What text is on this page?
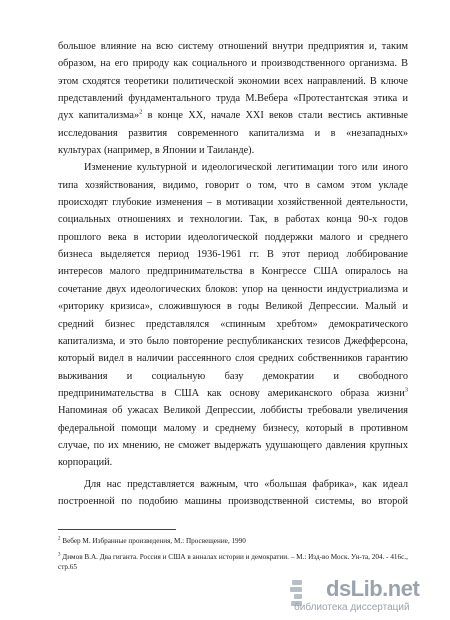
большое влияние на всю систему отношений внутри предприятия и, таким
образом, на его природу как социального и производственного организма. В
этом сходятся теоретики политической экономии всех направлений. В ключе
представлений фундаментального труда М.Вебера «Протестантская этика и
дух капитализма»$^2$ в конце XX, начале XXI веков стали вестись активные
исследования развития современного капитализма и в «незападных»
культурах (например, в Японии и Таиланде).
Изменение культурной и идеологической легитимации того или иного
типа хозяйствования, видимо, говорит о том, что в самом этом укладе
происходят глубокие изменения – в мотивации хозяйственной деятельности,
социальных отношениях и технологии. Так, в работах конца 90-х годов
прошлого века в истории идеологической поддержки малого и среднего
бизнеса выделяется период 1936-1961 гг. В этот период лоббирование
интересов малого предпринимательства в Конгрессе США опиралось на
сочетание двух идеологических блоков: упор на ценности индустриализма и
«риторику кризиса», сложившуюся в годы Великой Депрессии. Малый и
средний бизнес представлялся «спинным хребтом» демократического
капитализма, и это было повторение республиканских тезисов Джефферсона,
который видел в наличии рассеянного слоя средних собственников гарантию
выживания и социальную базу демократии и свободного
предпринимательства в США как основу американского образа жизни$^3$
Напоминая об ужасах Великой Депрессии, лоббисты требовали увеличения
федеральной помощи малому и среднему бизнесу, который в противном
случае, по их мнению, не сможет выдержать удушающего давления крупных
корпораций.
Для нас представляется важным, что «большая фабрика», как идеал
построенной по подобию машины производственной системы, во второй
$^2$ Вебер М. Избранные произведения, М.: Просвещение, 1990
$^3$ Димов В.А. Два гиганта. Россия и США в анналах истории и демократии. – М.: Изд-во Моск. Ун-та, 204. - 416с., стр.65
dsLib.net
библиотека диссертаций
